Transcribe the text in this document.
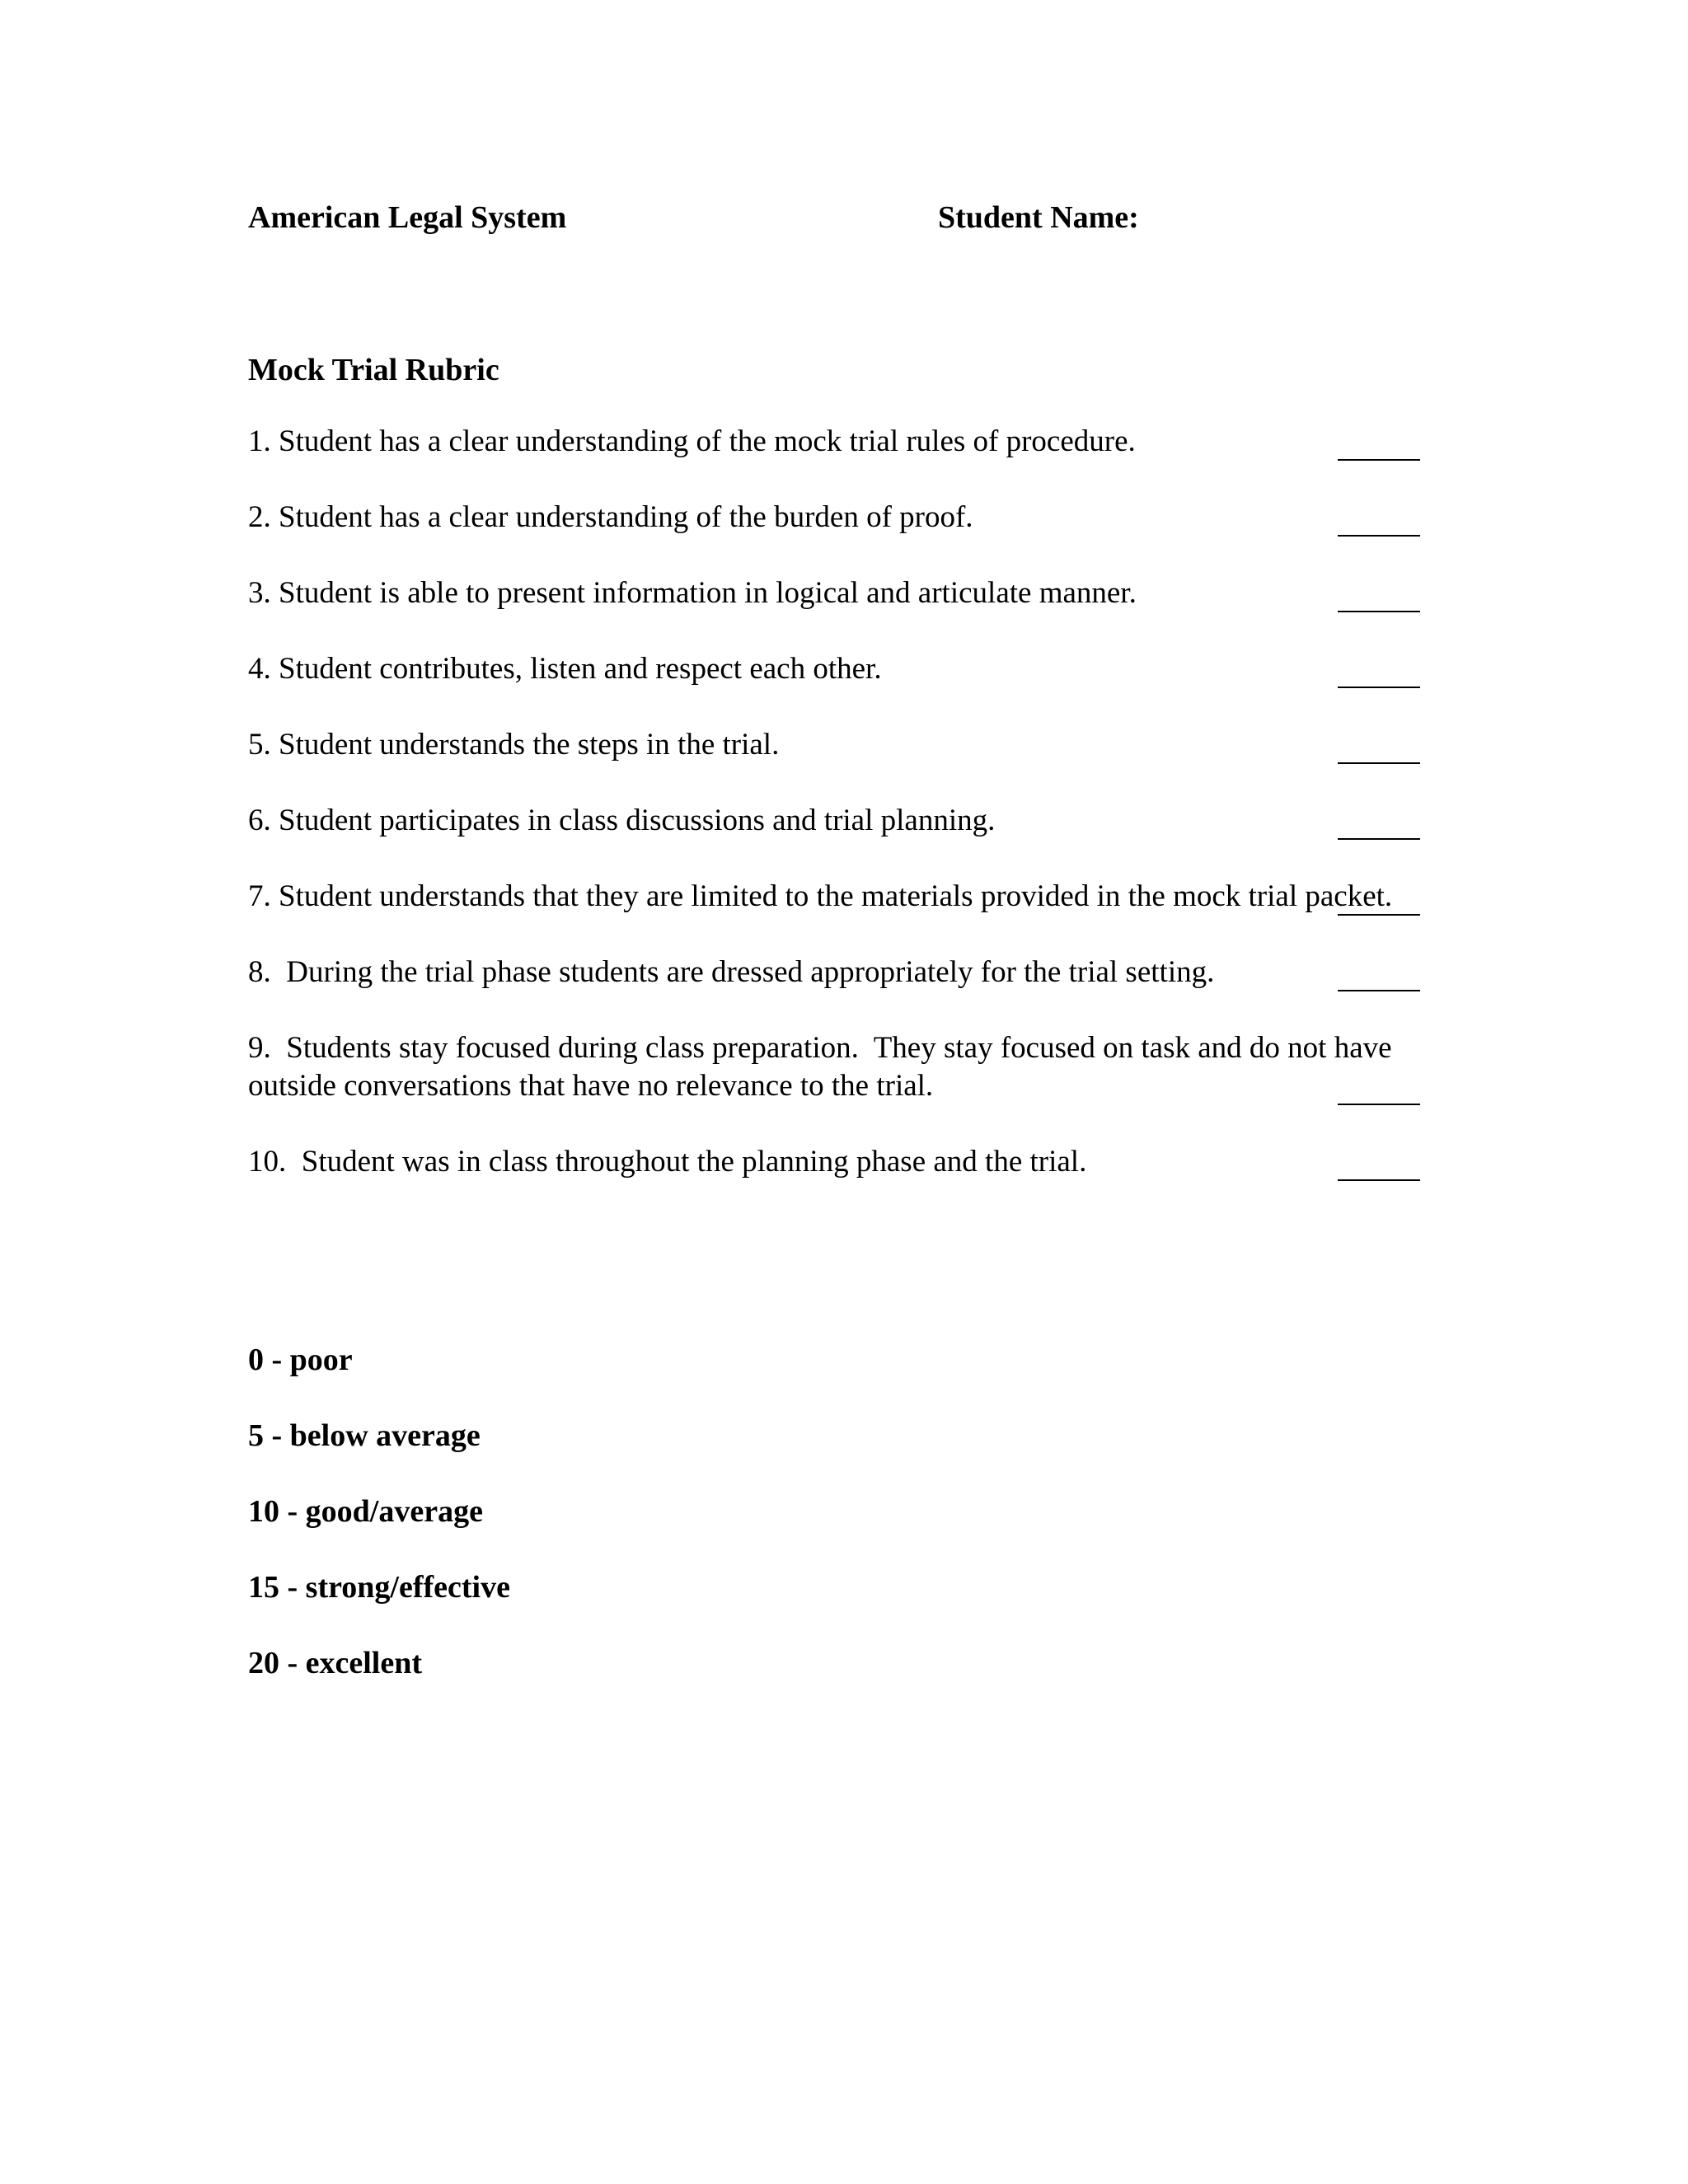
American Legal System	Student Name:
Mock Trial Rubric
1. Student has a clear understanding of the mock trial rules of procedure.
2. Student has a clear understanding of the burden of proof.
3. Student is able to present information in logical and articulate manner.
4. Student contributes, listen and respect each other.
5. Student understands the steps in the trial.
6. Student participates in class discussions and trial planning.
7. Student understands that they are limited to the materials provided in the mock trial packet.
8.  During the trial phase students are dressed appropriately for the trial setting.
9.  Students stay focused during class preparation.  They stay focused on task and do not have outside conversations that have no relevance to the trial.
10.  Student was in class throughout the planning phase and the trial.
0 - poor
5 - below average
10 - good/average
15 - strong/effective
20 - excellent
